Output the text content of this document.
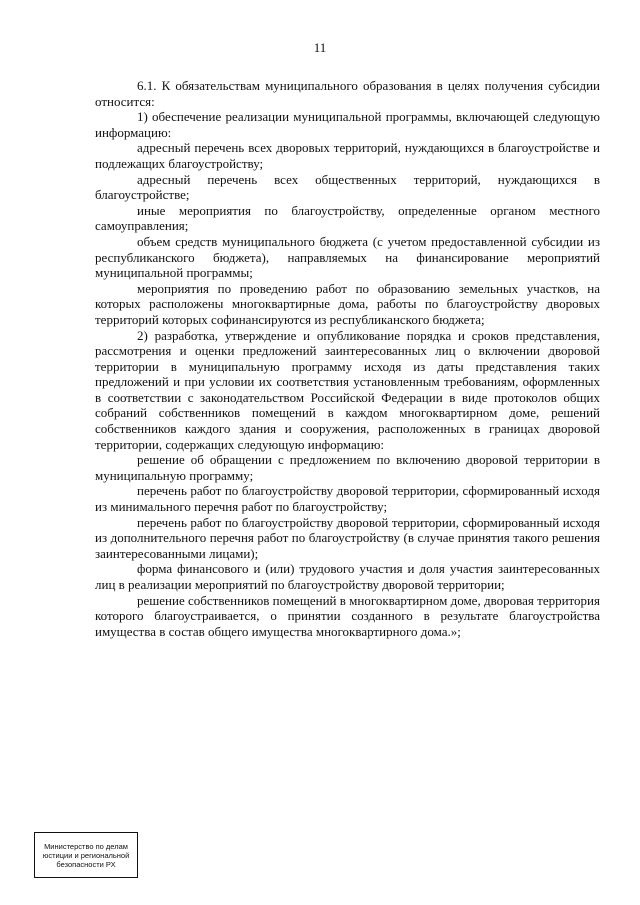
11

6.1. К обязательствам муниципального образования в целях получения субсидии относится:

1) обеспечение реализации муниципальной программы, включающей следующую информацию:

адресный перечень всех дворовых территорий, нуждающихся в благоустройстве и подлежащих благоустройству;

адресный перечень всех общественных территорий, нуждающихся в благоустройстве;

иные мероприятия по благоустройству, определенные органом местного самоуправления;

объем средств муниципального бюджета (с учетом предоставленной субсидии из республиканского бюджета), направляемых на финансирование мероприятий муниципальной программы;

мероприятия по проведению работ по образованию земельных участков, на которых расположены многоквартирные дома, работы по благоустройству дворовых территорий которых софинансируются из республиканского бюджета;

2) разработка, утверждение и опубликование порядка и сроков представления, рассмотрения и оценки предложений заинтересованных лиц о включении дворовой территории в муниципальную программу исходя из даты представления таких предложений и при условии их соответствия установленным требованиям, оформленных в соответствии с законодательством Российской Федерации в виде протоколов общих собраний собственников помещений в каждом многоквартирном доме, решений собственников каждого здания и сооружения, расположенных в границах дворовой территории, содержащих следующую информацию:

решение об обращении с предложением по включению дворовой территории в муниципальную программу;

перечень работ по благоустройству дворовой территории, сформированный исходя из минимального перечня работ по благоустройству;

перечень работ по благоустройству дворовой территории, сформированный исходя из дополнительного перечня работ по благоустройству (в случае принятия такого решения заинтересованными лицами);

форма финансового и (или) трудового участия и доля участия заинтересованных лиц в реализации мероприятий по благоустройству дворовой территории;

решение собственников помещений в многоквартирном доме, дворовая территория которого благоустраивается, о принятии созданного в результате благоустройства имущества в состав общего имущества многоквартирного дома.»;

Министерство по делам
юстиции и региональной
безопасности РХ
